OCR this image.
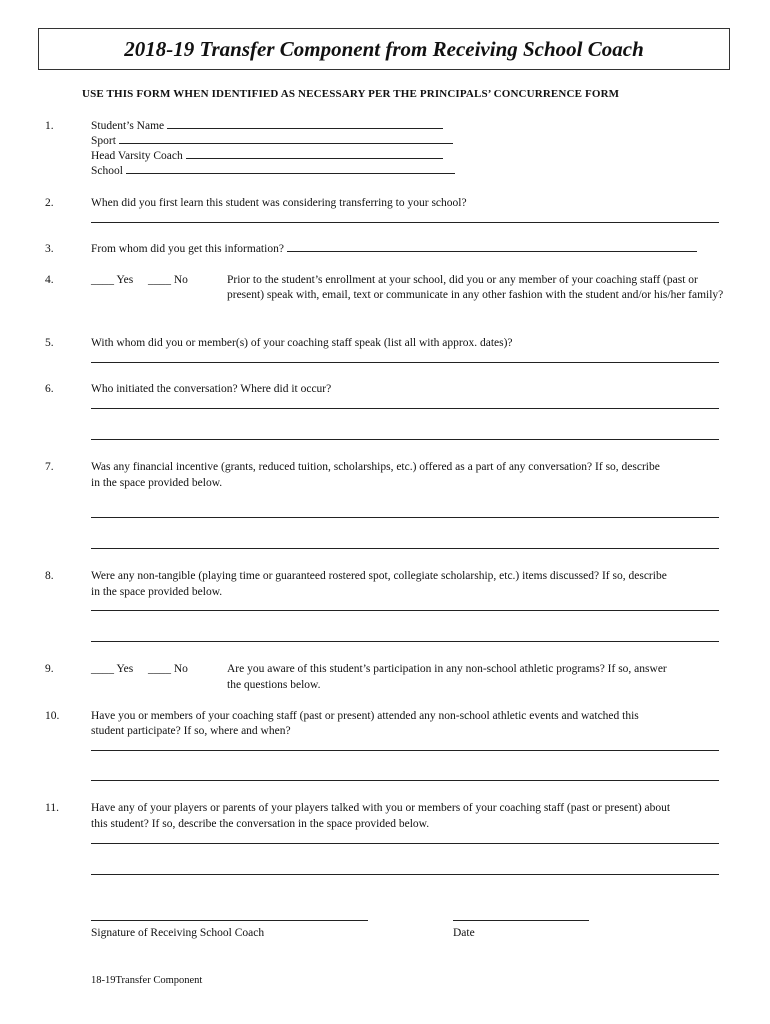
2018-19 Transfer Component from Receiving School Coach
USE THIS FORM WHEN IDENTIFIED AS NECESSARY PER THE PRINCIPALS’ CONCURRENCE FORM
1.	Student’s Name
Sport
Head Varsity Coach
School
2.	When did you first learn this student was considering transferring to your school?
3.	From whom did you get this information?
4.	____ Yes ____ No	Prior to the student’s enrollment at your school, did you or any member of your coaching staff (past or present) speak with, email, text or communicate in any other fashion with the student and/or his/her family?
5.	With whom did you or member(s) of your coaching staff speak (list all with approx. dates)?
6.	Who initiated the conversation? Where did it occur?
7.	Was any financial incentive (grants, reduced tuition, scholarships, etc.) offered as a part of any conversation? If so, describe
in the space provided below.
8.	Were any non-tangible (playing time or guaranteed rostered spot, collegiate scholarship, etc.) items discussed? If so, describe
in the space provided below.
9.	____ Yes ____ No	Are you aware of this student’s participation in any non-school athletic programs? If so, answer
the questions below.
10.	Have you or members of your coaching staff (past or present) attended any non-school athletic events and watched this
student participate? If so, where and when?
11.	Have any of your players or parents of your players talked with you or members of your coaching staff (past or present) about
this student? If so, describe the conversation in the space provided below.
Signature of Receiving School Coach	Date
18-19Transfer Component
